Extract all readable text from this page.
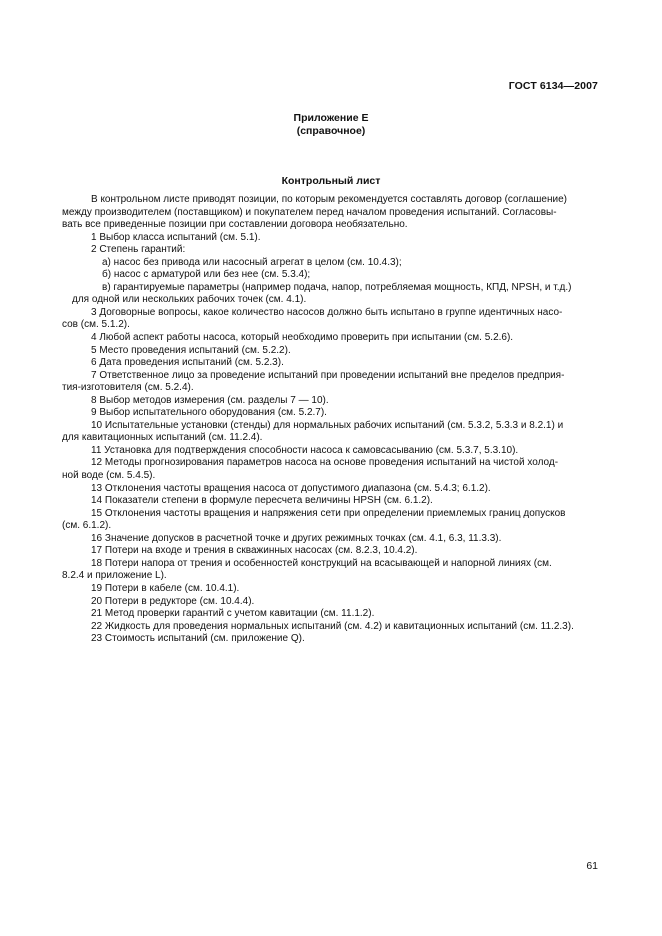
ГОСТ 6134—2007
Приложение Е
(справочное)
Контрольный лист

В контрольном листе приводят позиции, по которым рекомендуется составлять договор (соглашение)

между производителем (поставщиком) и покупателем перед началом проведения испытаний. Согласовы-

вать все приведенные позиции при составлении договора необязательно.

1 Выбор класса испытаний (см. 5.1).

2 Степень гарантий:

а) насос без привода или насосный агрегат в целом (см. 10.4.3);

б) насос с арматурой или без нее (см. 5.3.4);

в) гарантируемые параметры (например подача, напор, потребляемая мощность, КПД, NPSH, и т.д.)

для одной или нескольких рабочих точек (см. 4.1).

3 Договорные вопросы, какое количество насосов должно быть испытано в группе идентичных насо-

сов (см. 5.1.2).

4 Любой аспект работы насоса, который необходимо проверить при испытании (см. 5.2.6).

5 Место проведения испытаний (см. 5.2.2).

6 Дата проведения испытаний (см. 5.2.3).

7 Ответственное лицо за проведение испытаний при проведении испытаний вне пределов предприя-

тия-изготовителя (см. 5.2.4).

8 Выбор методов измерения (см. разделы 7 — 10).

9 Выбор испытательного оборудования (см. 5.2.7).

10 Испытательные установки (стенды) для нормальных рабочих испытаний (см. 5.3.2, 5.3.3 и 8.2.1) и

для кавитационных испытаний (см. 11.2.4).

11 Установка для подтверждения способности насоса к самовсасыванию (см. 5.3.7, 5.3.10).

12 Методы прогнозирования параметров насоса на основе проведения испытаний на чистой холод-

ной воде (см. 5.4.5).

13 Отклонения частоты вращения насоса от допустимого диапазона (см. 5.4.3; 6.1.2).

14 Показатели степени в формуле пересчета величины HPSH (см. 6.1.2).

15 Отклонения частоты вращения и напряжения сети при определении приемлемых границ допусков

(см. 6.1.2).

16 Значение допусков в расчетной точке и других режимных точках (см. 4.1, 6.3, 11.3.3).

17 Потери на входе и трения в скважинных насосах (см. 8.2.3, 10.4.2).

18 Потери напора от трения и особенностей конструкций на всасывающей и напорной линиях (см.

8.2.4 и приложение L).

19 Потери в кабеле (см. 10.4.1).

20 Потери в редукторе (см. 10.4.4).

21 Метод проверки гарантий с учетом кавитации (см. 11.1.2).

22 Жидкость для проведения нормальных испытаний (см. 4.2) и кавитационных испытаний (см. 11.2.3).

23 Стоимость испытаний (см. приложение Q).

61
